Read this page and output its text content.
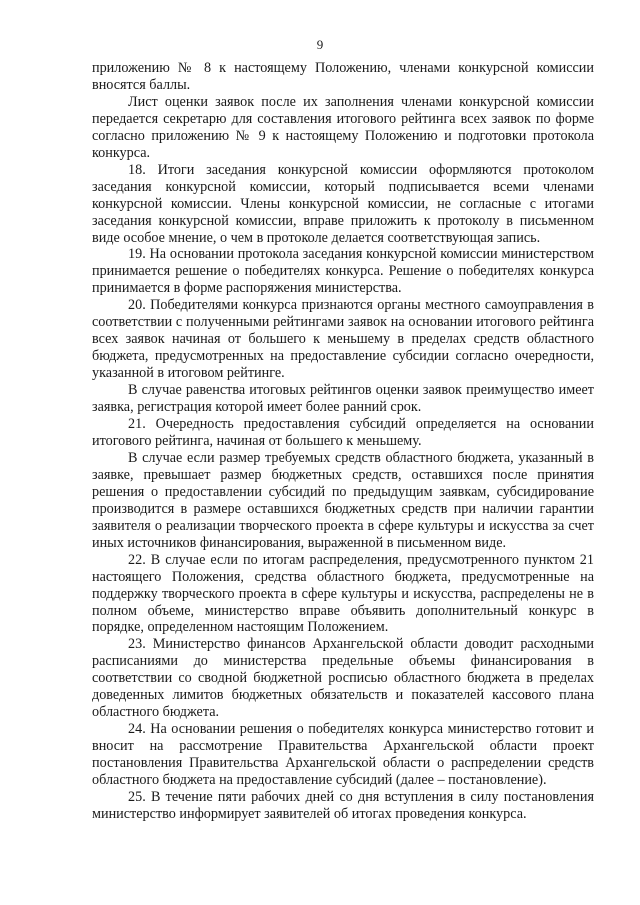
9

приложению № 8 к настоящему Положению, членами конкурсной комиссии вносятся баллы.

Лист оценки заявок после их заполнения членами конкурсной комиссии передается секретарю для составления итогового рейтинга всех заявок по форме согласно приложению № 9 к настоящему Положению и подготовки протокола конкурса.

18. Итоги заседания конкурсной комиссии оформляются протоколом заседания конкурсной комиссии, который подписывается всеми членами конкурсной комиссии. Члены конкурсной комиссии, не согласные с итогами заседания конкурсной комиссии, вправе приложить к протоколу в письменном виде особое мнение, о чем в протоколе делается соответствующая запись.

19. На основании протокола заседания конкурсной комиссии министерством принимается решение о победителях конкурса. Решение о победителях конкурса принимается в форме распоряжения министерства.

20. Победителями конкурса признаются органы местного самоуправления в соответствии с полученными рейтингами заявок на основании итогового рейтинга всех заявок начиная от большего к меньшему в пределах средств областного бюджета, предусмотренных на предоставление субсидии согласно очередности, указанной в итоговом рейтинге.

В случае равенства итоговых рейтингов оценки заявок преимущество имеет заявка, регистрация которой имеет более ранний срок.

21. Очередность предоставления субсидий определяется на основании итогового рейтинга, начиная от большего к меньшему.

В случае если размер требуемых средств областного бюджета, указанный в заявке, превышает размер бюджетных средств, оставшихся после принятия решения о предоставлении субсидий по предыдущим заявкам, субсидирование производится в размере оставшихся бюджетных средств при наличии гарантии заявителя о реализации творческого проекта в сфере культуры и искусства за счет иных источников финансирования, выраженной в письменном виде.

22. В случае если по итогам распределения, предусмотренного пунктом 21 настоящего Положения, средства областного бюджета, предусмотренные на поддержку творческого проекта в сфере культуры и искусства, распределены не в полном объеме, министерство вправе объявить дополнительный конкурс в порядке, определенном настоящим Положением.

23. Министерство финансов Архангельской области доводит расходными расписаниями до министерства предельные объемы финансирования в соответствии со сводной бюджетной росписью областного бюджета в пределах доведенных лимитов бюджетных обязательств и показателей кассового плана областного бюджета.

24. На основании решения о победителях конкурса министерство готовит и вносит на рассмотрение Правительства Архангельской области проект постановления Правительства Архангельской области о распределении средств областного бюджета на предоставление субсидий (далее – постановление).

25. В течение пяти рабочих дней со дня вступления в силу постановления министерство информирует заявителей об итогах проведения конкурса.
